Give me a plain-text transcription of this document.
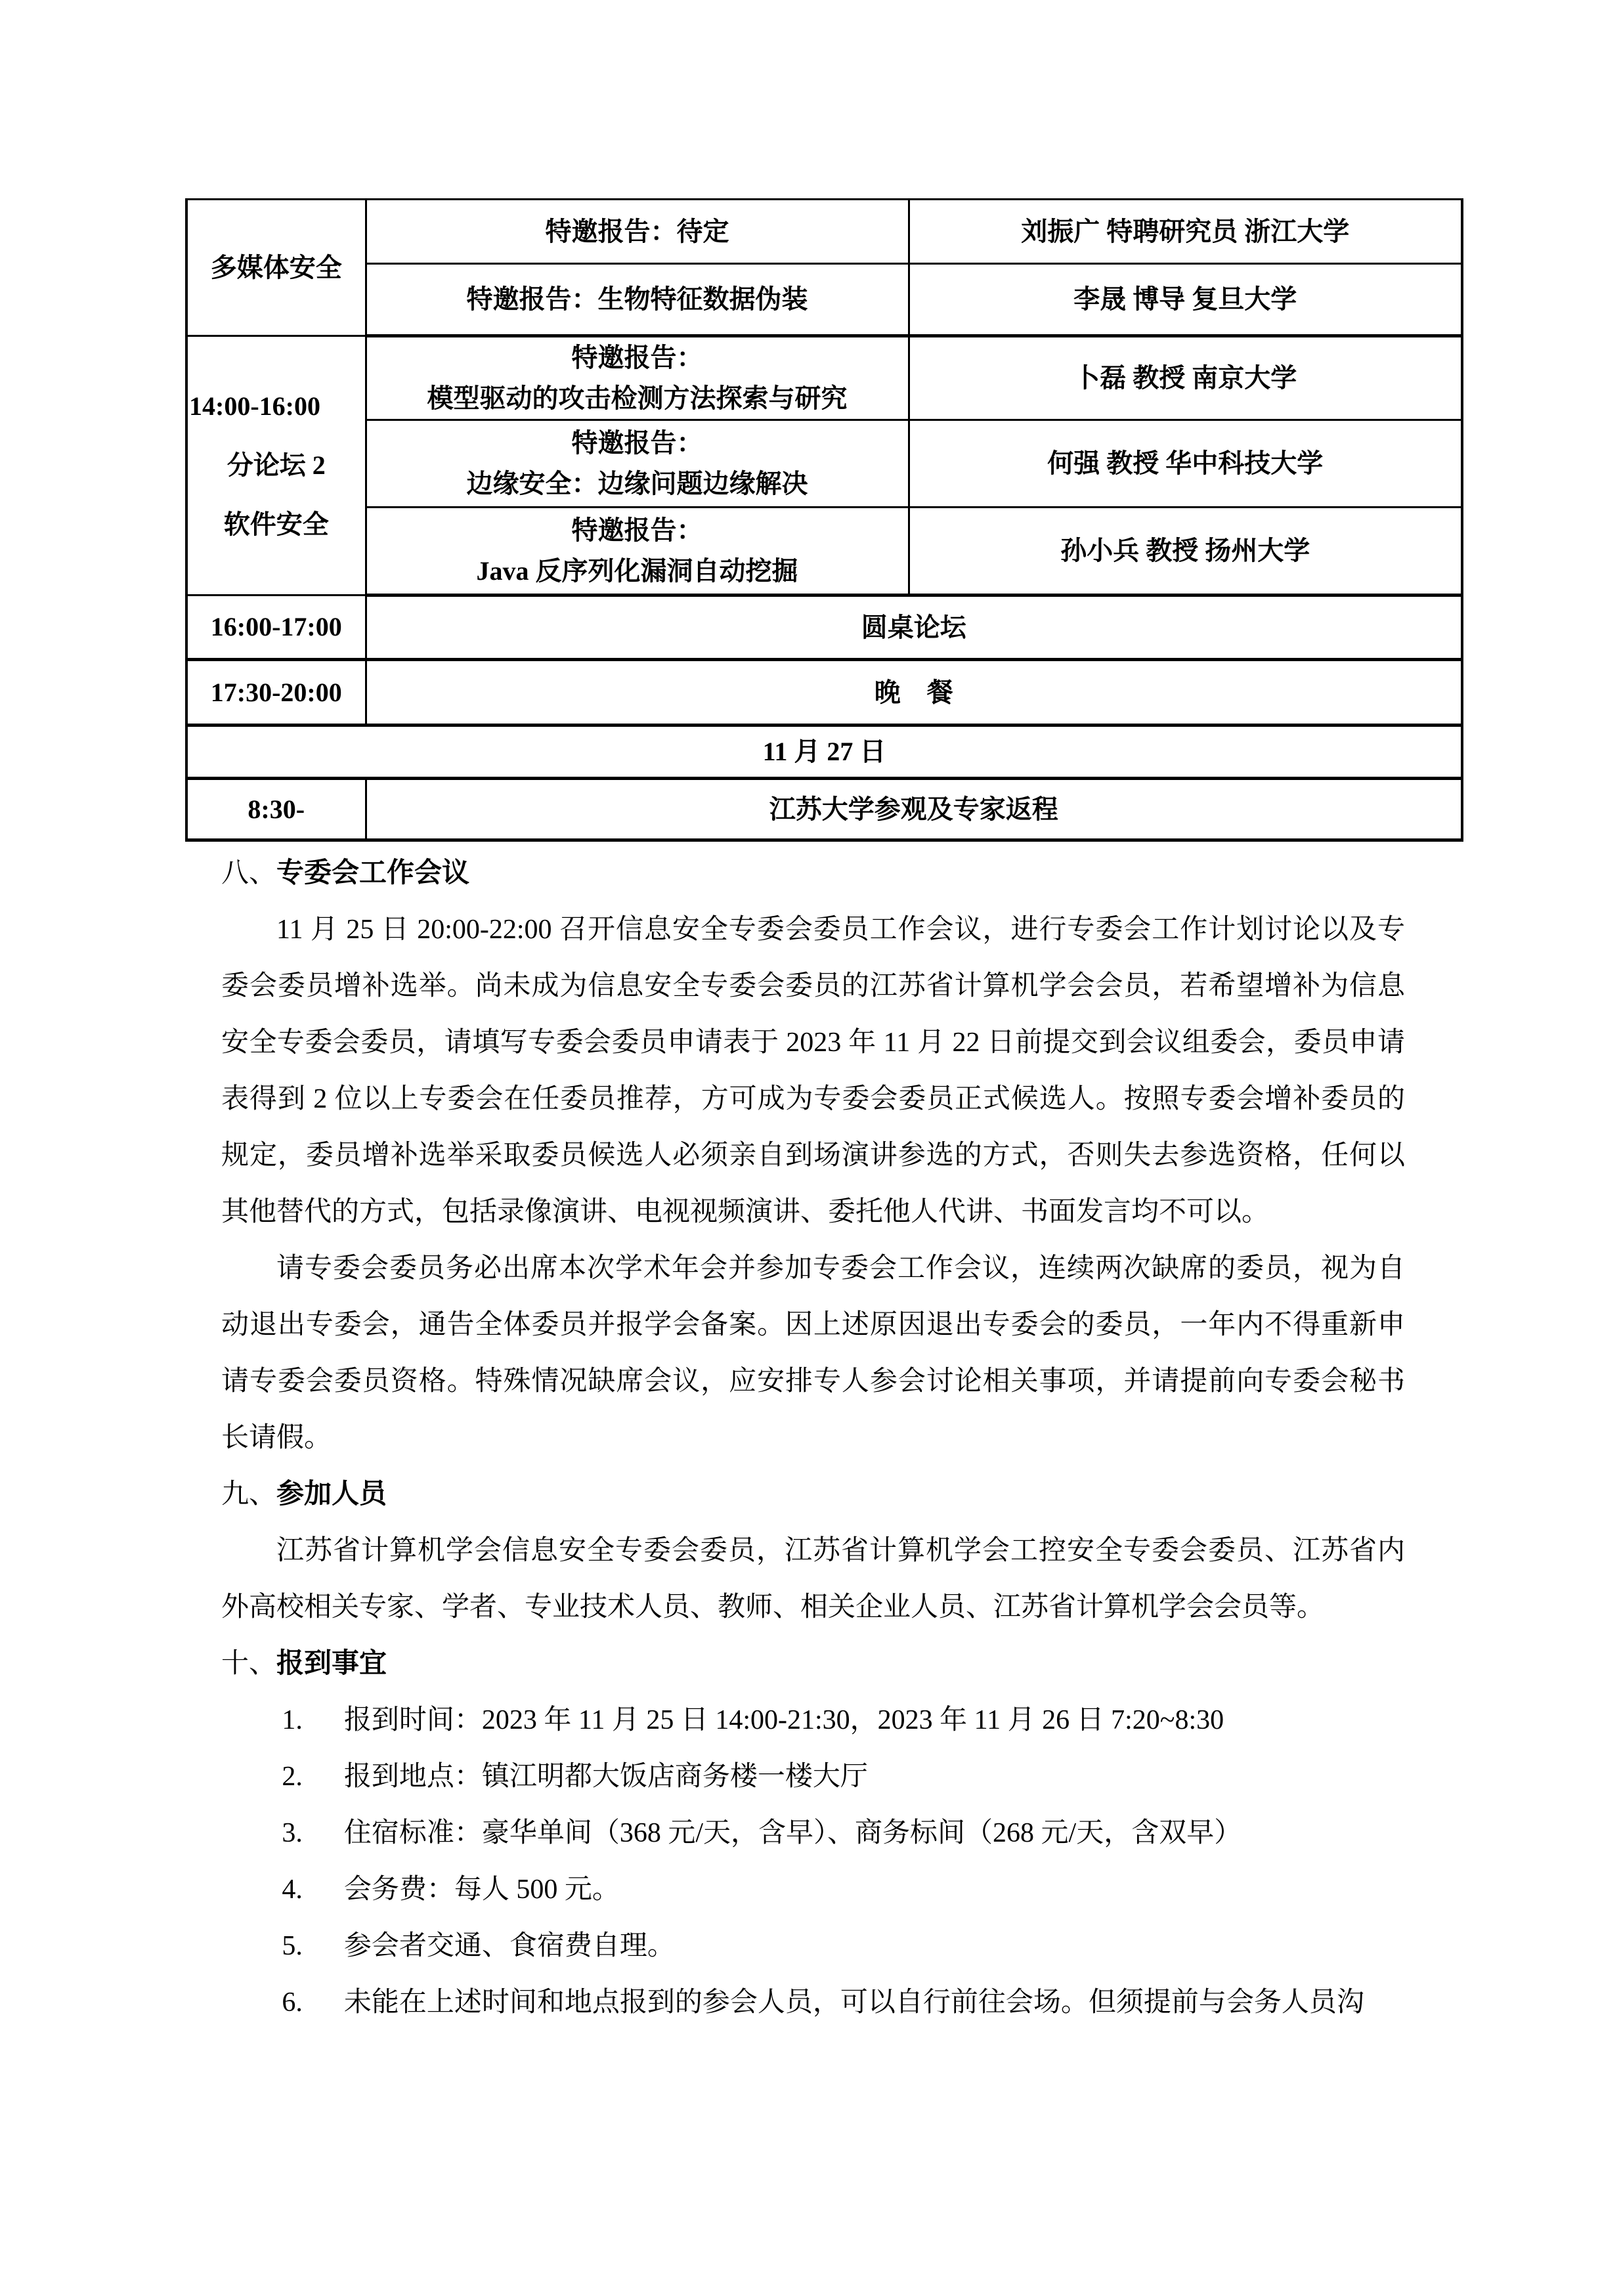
多媒体安全	特邀报告：待定	刘振广 特聘研究员 浙江大学
	特邀报告：生物特征数据伪装	李晟 博导 复旦大学

14:00-16:00
分论坛 2
软件安全	特邀报告：
模型驱动的攻击检测方法探索与研究	卜磊 教授 南京大学

	特邀报告：
边缘安全：边缘问题边缘解决	何强 教授 华中科技大学

	特邀报告：
Java 反序列化漏洞自动挖掘	孙小兵 教授 扬州大学
16:00-17:00	圆桌论坛	
17:30-20:00	晚　餐	
11 月 27 日		
8:30-	江苏大学参观及专家返程	
八、专委会工作会议

11 月 25 日 20:00-22:00 召开信息安全专委会委员工作会议，进行专委会工作计划讨论以及专委会委员增补选举。尚未成为信息安全专委会委员的江苏省计算机学会会员，若希望增补为信息安全专委会委员，请填写专委会委员申请表于 2023 年 11 月 22 日前提交到会议组委会，委员申请表得到 2 位以上专委会在任委员推荐，方可成为专委会委员正式候选人。按照专委会增补委员的规定，委员增补选举采取委员候选人必须亲自到场演讲参选的方式，否则失去参选资格，任何以其他替代的方式，包括录像演讲、电视视频演讲、委托他人代讲、书面发言均不可以。

请专委会委员务必出席本次学术年会并参加专委会工作会议，连续两次缺席的委员，视为自动退出专委会，通告全体委员并报学会备案。因上述原因退出专委会的委员，一年内不得重新申请专委会委员资格。特殊情况缺席会议，应安排专人参会讨论相关事项，并请提前向专委会秘书长请假。

九、参加人员

江苏省计算机学会信息安全专委会委员，江苏省计算机学会工控安全专委会委员、江苏省内外高校相关专家、学者、专业技术人员、教师、相关企业人员、江苏省计算机学会会员等。

十、报到事宜
1. 报到时间：2023 年 11 月 25 日 14:00-21:30，2023 年 11 月 26 日 7:20~8:30
2. 报到地点：镇江明都大饭店商务楼一楼大厅
3. 住宿标准：豪华单间（368 元/天，含早）、商务标间（268 元/天，含双早）
4. 会务费：每人 500 元。
5. 参会者交通、食宿费自理。
6. 未能在上述时间和地点报到的参会人员，可以自行前往会场。但须提前与会务人员沟
